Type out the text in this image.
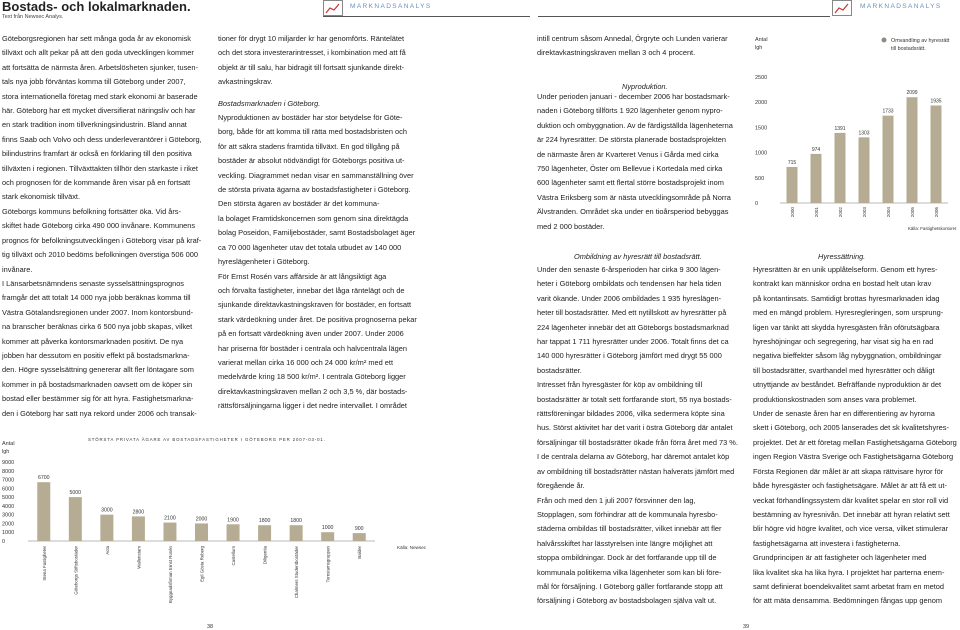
Bostads- och lokalmarknaden.
Text från Newsec Analys.
MARKNADSANALYS	MARKNADSANALYS

Göteborgsregionen har sett många goda år av ekonomisk

tillväxt och allt pekar på att den goda utvecklingen kommer

att fortsätta de närmsta åren. Arbetslösheten sjunker, tusen-

tals nya jobb förväntas komma till Göteborg under 2007,

stora internationella företag med stark ekonomi är baserade

här. Göteborg har ett mycket diversifierat näringsliv och har

en stark tradition inom tillverkningsindustrin. Bland annat

finns Saab och Volvo och dess underleverantörer i Göteborg,

bilindustrins framfart är också en förklaring till den positiva

tillväxten i regionen. Tillväxttakten tillhör den starkaste i riket

och prognosen för de kommande åren visar på en fortsatt

stark ekonomisk tillväxt.

Göteborgs kommuns befolkning fortsätter öka. Vid års-

skiftet hade Göteborg cirka 490 000 invånare. Kommunens

prognos för befolkningsutvecklingen i Göteborg visar på kraf-

tig tillväxt och 2010 bedöms befolkningen överstiga 506 000

invånare.

I Länsarbetsnämndens senaste sysselsättningsprognos

framgår det att totalt 14 000 nya jobb beräknas komma till

Västra Götalandsregionen under 2007. Inom kontorsbund-

na branscher beräknas cirka 6 500 nya jobb skapas, vilket

kommer att påverka kontorsmarknaden positivt. De nya

jobben har dessutom en positiv effekt på bostadsmarkna-

den. Högre sysselsättning genererar allt fler löntagare som

kommer in på bostadsmarknaden oavsett om de köper sin

bostad eller bestämmer sig för att hyra. Fastighetsmarkna-

den i Göteborg har satt nya rekord under 2006 och transak-

tioner för drygt 10 miljarder kr har genomförts. Räntelätet

och det stora investerarintresset, i kombination med att få

objekt är till salu, har bidragit till fortsatt sjunkande direkt-

avkastningskrav.

Bostadsmarknaden i Göteborg.

Nyproduktionen av bostäder har stor betydelse för Göte-

borg, både för att komma till rätta med bostadsbristen och

för att säkra stadens framtida tillväxt. En god tillgång på

bostäder är absolut nödvändigt för Göteborgs positiva ut-

veckling. Diagrammet nedan visar en sammanställning över

de största privata ägarna av bostadsfastigheter i Göteborg.

Den största ägaren av bostäder är det kommuna-

la bolaget Framtidskoncernen som genom sina direktägda

bolag Poseidon, Familjebostäder, samt Bostadsbolaget äger

ca 70 000 lägenheter utav det totala utbudet av 140 000

hyreslägenheter i Göteborg.

För Ernst Rosén vars affärside är att långsiktigt äga

och förvalta fastigheter, innebar det låga räntelägt och de

sjunkande direktavkastningskraven för bostäder, en fortsatt

stark värdeökning under året. De positiva prognoserna pekar

på en fortsatt värdeökning även under 2007. Under 2006

har priserna för bostäder i centrala och halvcentrala lägen

varierat mellan cirka 16 000 och 24 000 kr/m² med ett

medelvärde kring 18 500 kr/m². I centrala Göteborg ligger

direktavkastningskraven mellan 2 och 3,5 %, där bostads-

rättsförsäljningarna ligger i det nedre intervallet. I området

intill centrum såsom Annedal, Örgryte och Lunden varierar

direktavkastningskraven mellan 3 och 4 procent.

Nyproduktion.

Under perioden januari - december 2006 har bostadsmark-

naden i Göteborg tillförts 1 920 lägenheter genom nypro-

duktion och ombyggnation. Av de färdigställda lägenheterna

är 224 hyresrätter. De största planerade bostadsprojekten

de närmaste åren är Kvarteret Venus i Gårda med cirka

750 lägenheter, Öster om Bellevue i Kortedala med cirka

600 lägenheter samt ett flertal större bostadsprojekt inom

Västra Eriksberg som är nästa utvecklingsområde på Norra

Älvstranden. Området ska under en tioårsperiod bebyggas

med 2 000 bostäder.

Ombildning av hyresrätt till bostadsrätt.	Hyressättning.

Under den senaste 6-årsperioden har cirka 9 300 lägen-

heter i Göteborg ombildats och tendensen har hela tiden

varit ökande. Under 2006 ombildades 1 935 hyreslägen-

heter till bostadsrätter. Med ett nytillskott av hyresrätter på

224 lägenheter innebär det att Göteborgs bostadsmarknad

har tappat 1 711 hyresrätter under 2006. Totalt finns det ca

140 000 hyresrätter i Göteborg jämfört med drygt 55 000

bostadsrätter.

Intresset från hyresgäster för köp av ombildning till

bostadsrätter är totalt sett fortfarande stort, 55 nya bostads-

rättsföreningar bildades 2006, vilka sedermera köpte sina

hus. Störst aktivitet har det varit i östra Göteborg där antalet

försäljningar till bostadsrätter ökade från förra året med 73 %.

I de centrala delarna av Göteborg, har däremot antalet köp

av ombildning till bostadsrätter nästan halverats jämfört med

föregående år.

Från och med den 1 juli 2007 försvinner den lag,

Stopplagen, som förhindrar att de kommunala hyresbo-

städerna ombildas till bostadsrätter, vilket innebär att fler

halvårsskiftet har lässtyrelsen inte längre möjlighet att

stoppa ombildningar. Dock är det fortfarande upp till de

kommunala politikerna vilka lägenheter som kan bli före-

mål för försäljning. I Göteborg gäller fortfarande stopp att

försäljning i Göteborg av bostadsbolagen själva valt ut.

Hyresrätten är en unik upplåtelseform. Genom ett hyres-

kontrakt kan människor ordna en bostad helt utan krav

på kontantinsats. Samtidigt brottas hyresmarknaden idag

med en mängd problem. Hyresregleringen, som ursprung-

ligen var tänkt att skydda hyresgästen från oförutsägbara

hyreshöjningar och segregering, har visat sig ha en rad

negativa bieffekter såsom låg nybyggnation, ombildningar

till bostadsrätter, svarthandel med hyresrätter och dåligt

utnyttjande av beståndet. Befräffande nyproduktion är det

produktionskostnaden som anses vara problemet.

Under de senaste åren har en differentiering av hyrorna

skett i Göteborg, och 2005 lanserades det sk kvalitetshyres-

projektet. Det är ett företag mellan Fastighetsägarna Göteborg

ingen Region Västra Sverige och Fastighetsägarna Göteborg

Första Regionen där målet är att skapa rättvisare hyror för

både hyresgäster och fastighetsägare. Målet är att få ett ut-

veckat förhandlingssystem där kvalitet spelar en stor roll vid

bestämning av hyresnivån. Det innebär att hyran relativt sett

blir högre vid högre kvalitet, och vice versa, vilket stimulerar

fastighetsägarna att investera i fastigheterna.

Grundprincipen är att fastigheter och lägenheter med

lika kvalitet ska ha lika hyra. I projektet har parterna enem-

samt definierat boendekvalitet samt arbetat fram en metod

för att mäta densamma. Bedömningen fångas upp genom

Antal
lgh
9000
8000
7000
6000
5000
4000
3000
2000
1000
0
STÖRSTA PRIVATA ÄGARE AV BOSTADSFASTIGHETER I GÖTEBORG PER 2007-03-01.
6700
Stena Fastigheter
5000
Göteborgs Stiftsbostäder
3000
Acta
2800
Wallenstam
2100
Byggnadsfirman Ernst Rosén
2000
Egil Gösta Reberg
1900
Castellum
1800
Diligentia
1800
Chalmers Studentbostäder
1000
Tornstamsgruppen
900
Balder	Källa: Newsec
Antal
lgh
Omvandling av hyresrätt
till bostadsrätt.
2500
2000
1500
1000
500
0
715
2000
974
2001
1391
2002
1303
2003
1733
2004
2099
2005
1935
2006
Källa: Fastighetskontoret
38	39
